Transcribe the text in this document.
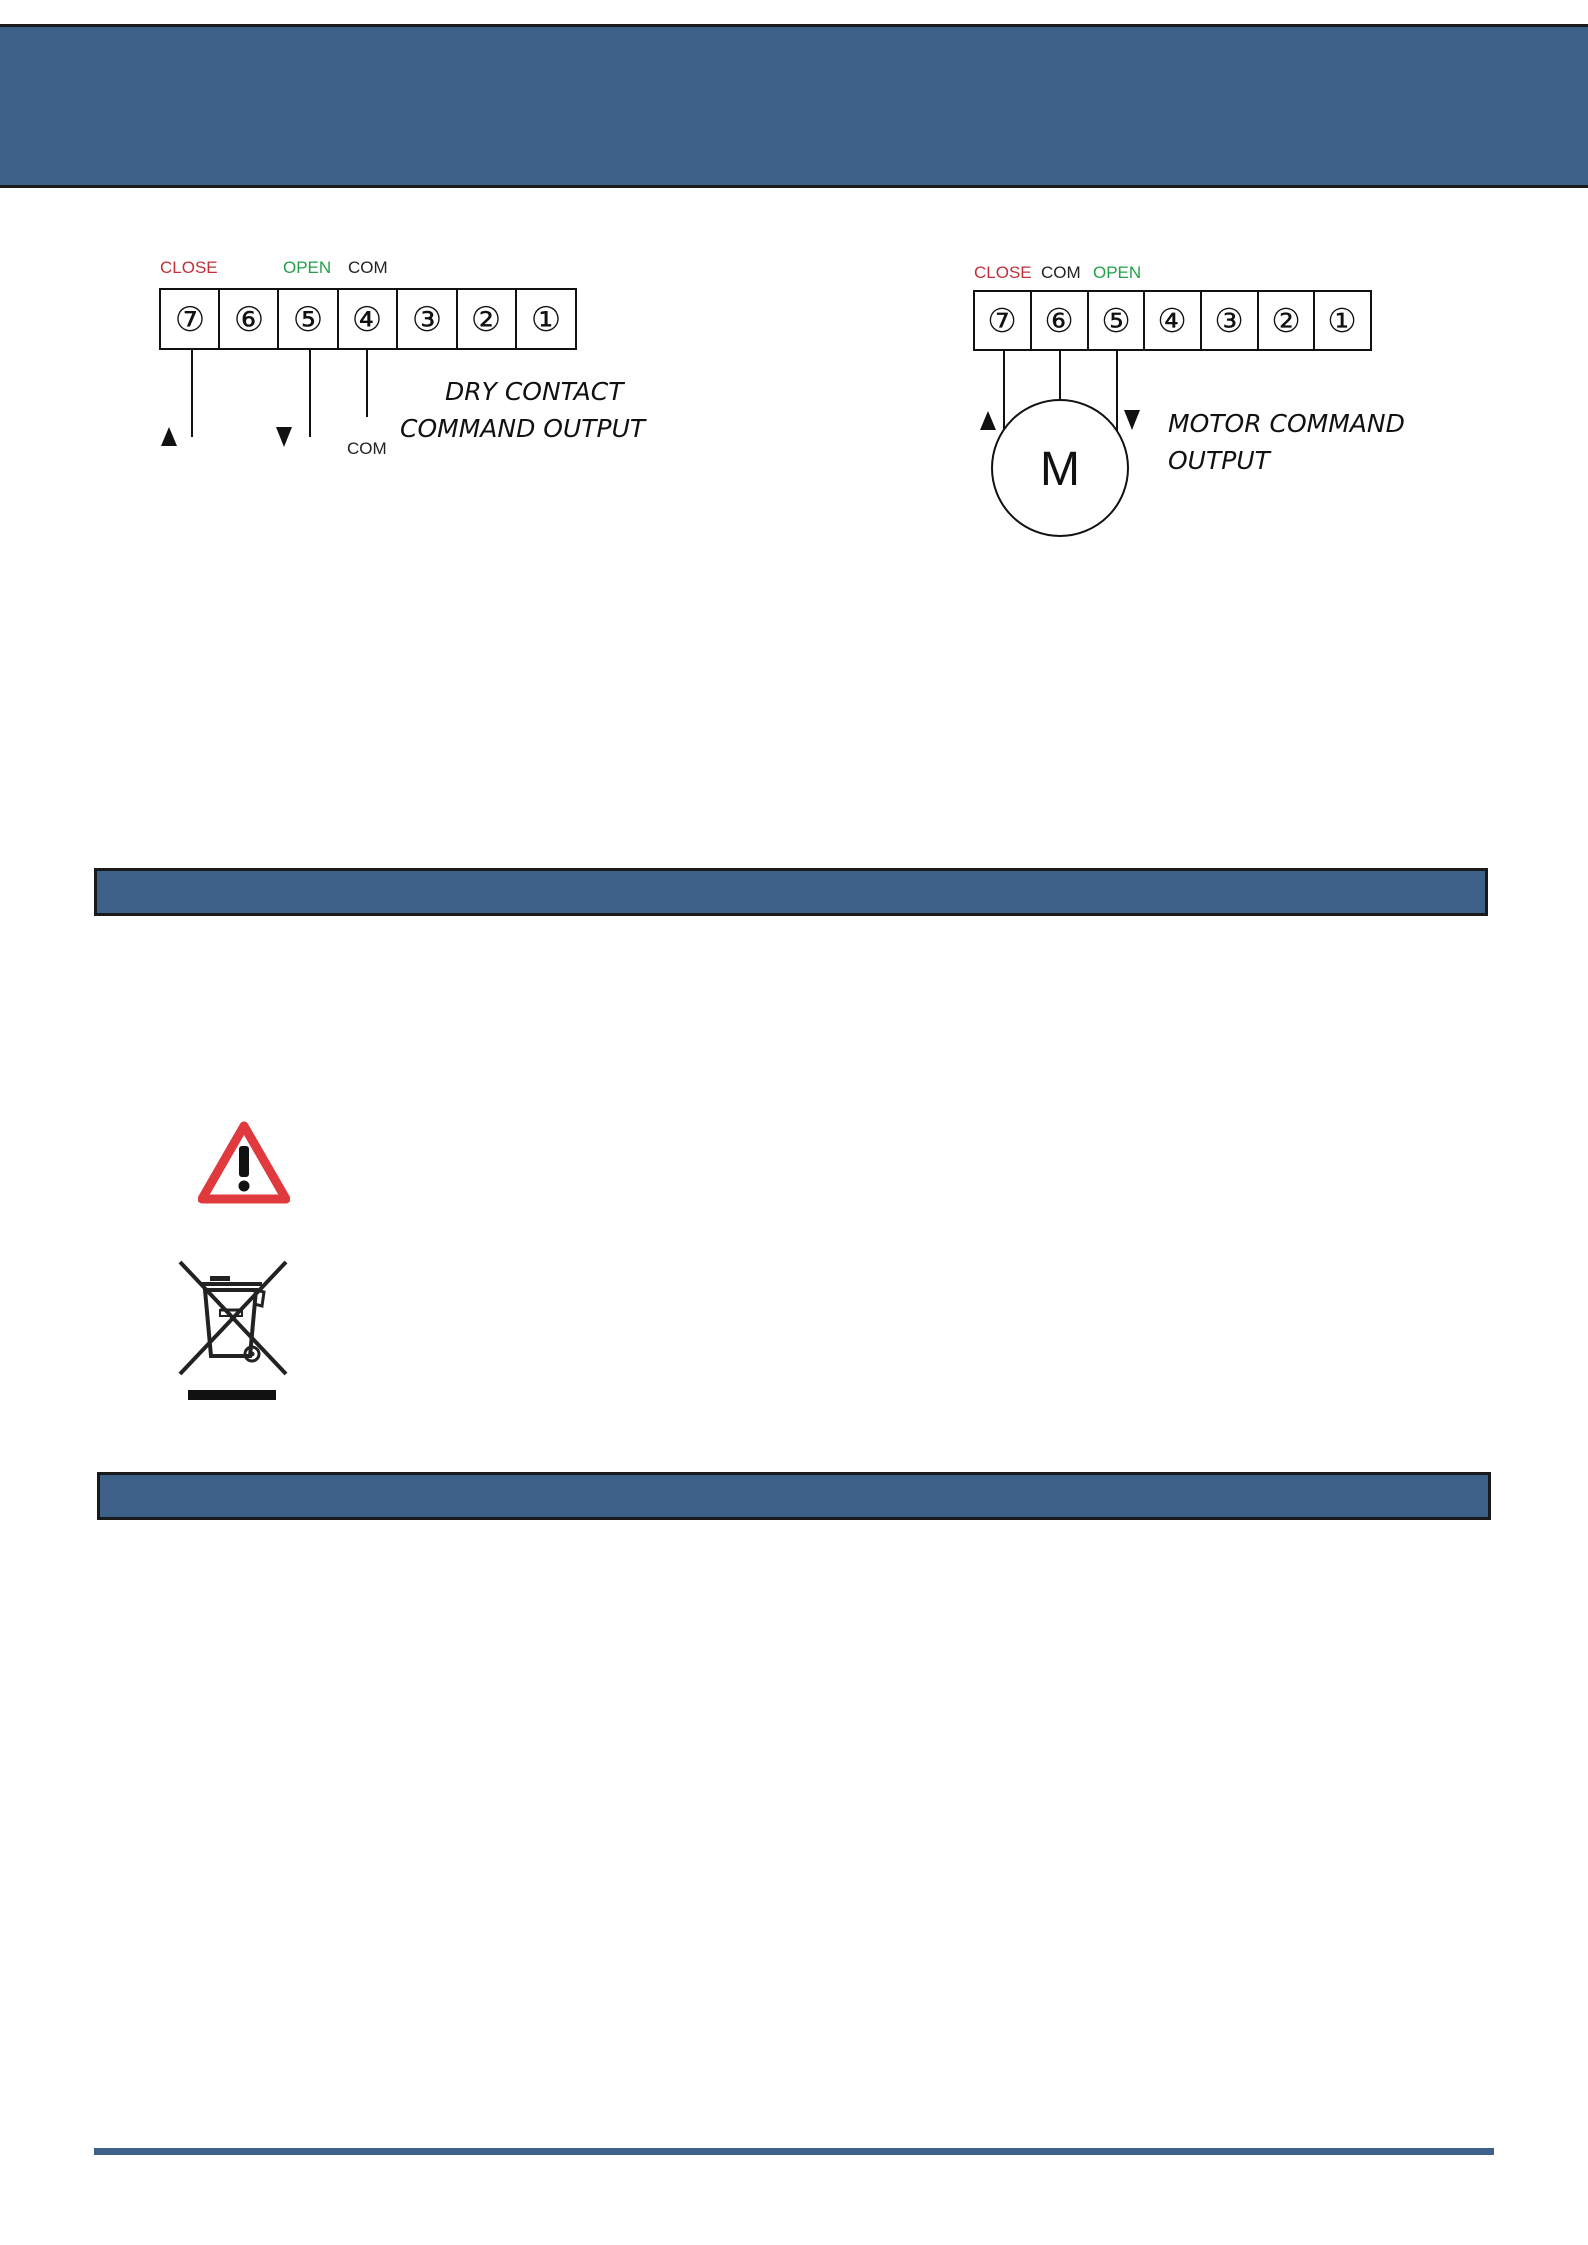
CLOSE	OPEN COM
⑦ ⑥ ⑤ ④ ③ ② ①
COM
DRY CONTACT
COMMAND OUTPUT
CLOSE COM OPEN
⑦ ⑥ ⑤ ④ ③ ② ①
M
MOTOR COMMAND
OUTPUT
